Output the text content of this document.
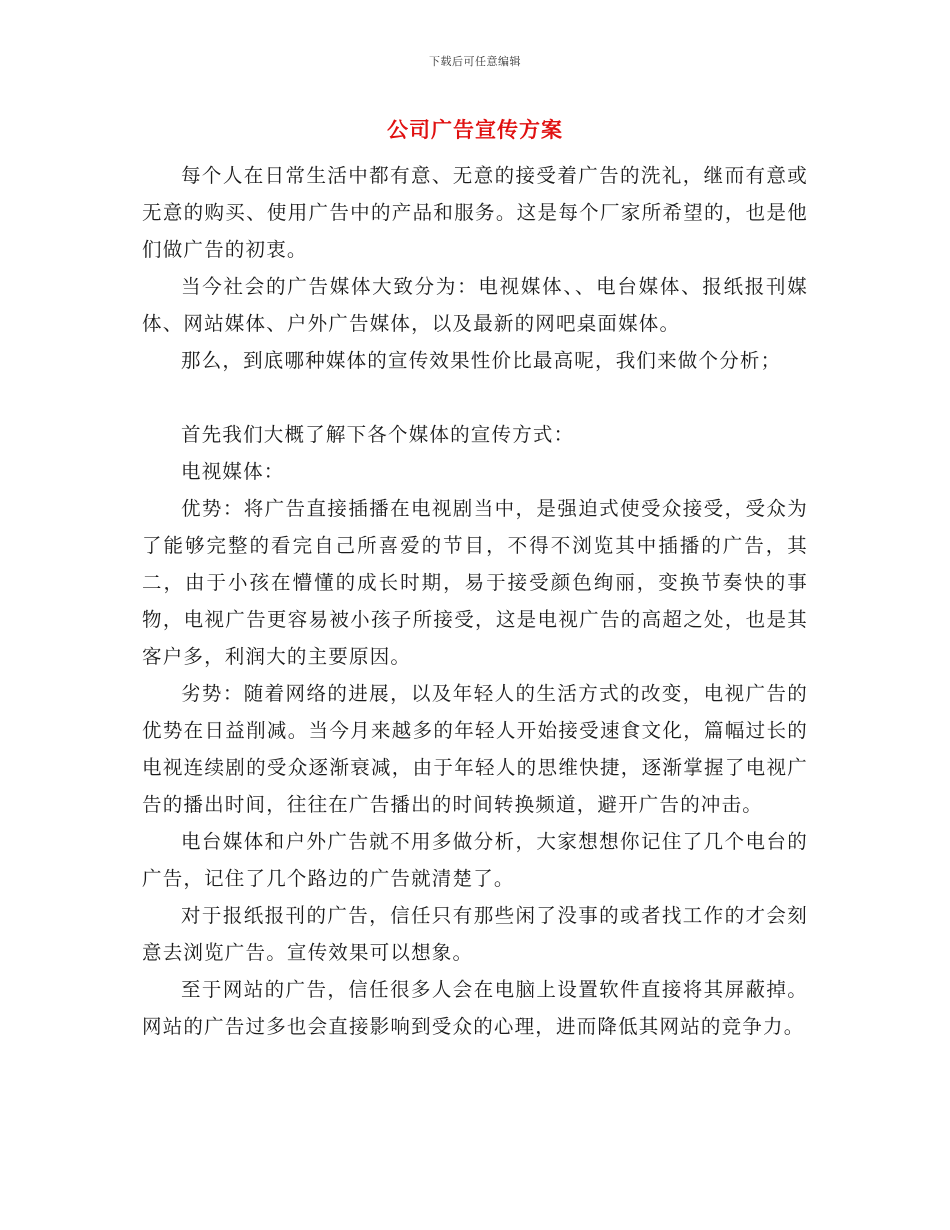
下载后可任意编辑
公司广告宣传方案

每个人在日常生活中都有意、无意的接受着广告的洗礼，继而有意或无意的购买、使用广告中的产品和服务。这是每个厂家所希望的，也是他们做广告的初衷。

当今社会的广告媒体大致分为：电视媒体、、电台媒体、报纸报刊媒体、网站媒体、户外广告媒体，以及最新的网吧桌面媒体。

那么，到底哪种媒体的宣传效果性价比最高呢，我们来做个分析；

首先我们大概了解下各个媒体的宣传方式：

电视媒体：

优势：将广告直接插播在电视剧当中，是强迫式使受众接受，受众为了能够完整的看完自己所喜爱的节目，不得不浏览其中插播的广告，其二，由于小孩在懵懂的成长时期，易于接受颜色绚丽，变换节奏快的事物，电视广告更容易被小孩子所接受，这是电视广告的高超之处，也是其客户多，利润大的主要原因。

劣势：随着网络的进展，以及年轻人的生活方式的改变，电视广告的优势在日益削减。当今月来越多的年轻人开始接受速食文化，篇幅过长的电视连续剧的受众逐渐衰减，由于年轻人的思维快捷，逐渐掌握了电视广告的播出时间，往往在广告播出的时间转换频道，避开广告的冲击。

电台媒体和户外广告就不用多做分析，大家想想你记住了几个电台的广告，记住了几个路边的广告就清楚了。

对于报纸报刊的广告，信任只有那些闲了没事的或者找工作的才会刻意去浏览广告。宣传效果可以想象。

至于网站的广告，信任很多人会在电脑上设置软件直接将其屏蔽掉。网站的广告过多也会直接影响到受众的心理，进而降低其网站的竞争力。
